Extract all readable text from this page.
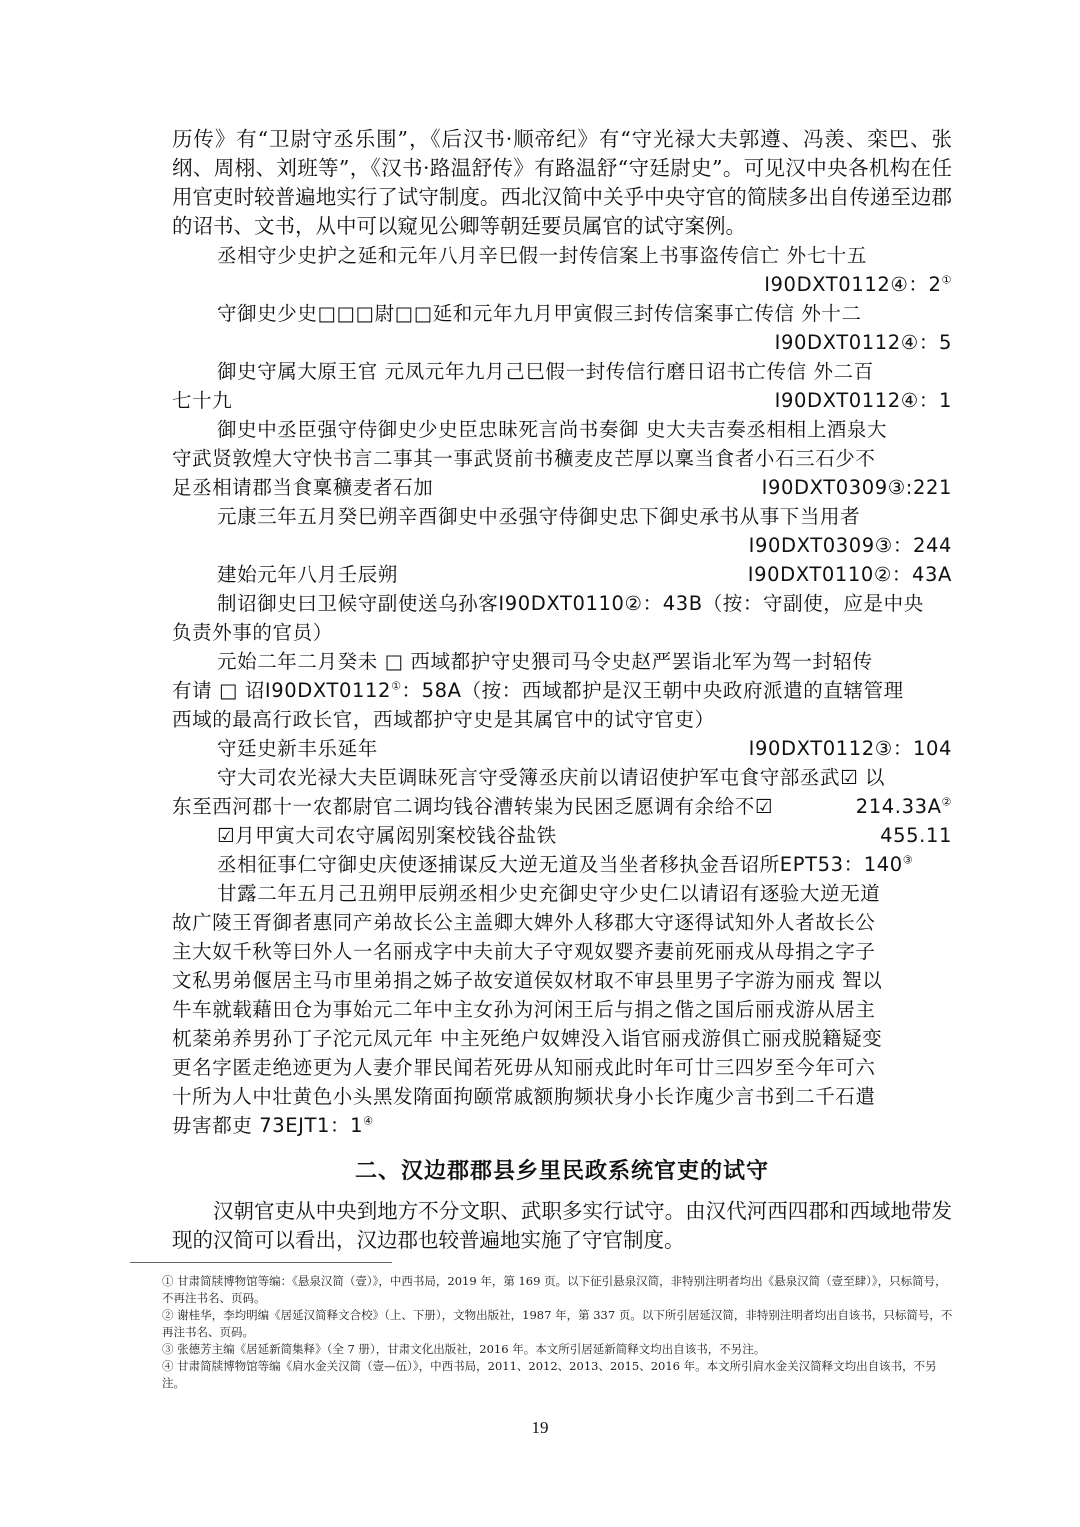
历传》有“卫尉守丞乐围”，《后汉书·顺帝纪》有“守光禄大夫郭遵、冯羡、栾巴、张纲、周栩、刘班等”，《汉书·路温舒传》有路温舒“守廷尉史”。可见汉中央各机构在任用官吏时较普遍地实行了试守制度。西北汉简中关乎中央守官的简牍多出自传递至边郡的诏书、文书，从中可以窥见公卿等朝廷要员属官的试守案例。

丞相守少史护之延和元年八月辛巳假一封传信案上书事盗传信亡 外七十五
Ⅰ90DXT0112④：2①
守御史少史□□□尉□□延和元年九月甲寅假三封传信案事亡传信 外十二
Ⅰ90DXT0112④：5
御史守属大原王官 元凤元年九月己巳假一封传信行磨日诏书亡传信 外二百
七十九	Ⅰ90DXT0112④：1
御史中丞臣强守侍御史少史臣忠昧死言尚书奏御 史大夫吉奏丞相相上酒泉大
守武贤敦煌大守快书言二事其一事武贤前书穬麦皮芒厚以稟当食者小石三石少不
足丞相请郡当食稟穬麦者石加	Ⅰ90DXT0309③:221
元康三年五月癸巳朔辛酉御史中丞强守侍御史忠下御史承书从事下当用者
Ⅰ90DXT0309③：244
建始元年八月壬辰朔	Ⅰ90DXT0110②：43A
制诏御史曰卫候守副使送乌孙客Ⅰ90DXT0110②：43B（按：守副使，应是中央
负责外事的官员）
元始二年二月癸未 □ 西域都护守史猥司马令史赵严罢诣北军为驾一封轺传
有请 □ 诏Ⅰ90DXT0112①：58A（按：西域都护是汉王朝中央政府派遣的直辖管理
西域的最高行政长官，西域都护守史是其属官中的试守官吏）
守廷史新丰乐延年	Ⅰ90DXT0112③：104
守大司农光禄大夫臣调昧死言守受簿丞庆前以请诏使护军屯食守部丞武☑ 以
东至西河郡十一农都尉官二调均钱谷漕转粜为民困乏愿调有余给不☑	214.33A②
☑月甲寅大司农守属闳别案校钱谷盐铁	455.11
丞相征事仁守御史庆使逐捕谋反大逆无道及当坐者移执金吾诏所EPT53：140③
甘露二年五月己丑朔甲辰朔丞相少史充御史守少史仁以请诏有逐验大逆无道
故广陵王胥御者惠同产弟故长公主盖卿大婢外人移郡大守逐得试知外人者故长公
主大奴千秋等曰外人一名丽戎字中夫前大子守观奴婴齐妻前死丽戎从母捐之字子
文私男弟偃居主马市里弟捐之姊子故安道侯奴材取不审县里男子字游为丽戎 聟以
牛车就载藉田仓为事始元二年中主女孙为河闲王后与捐之偕之国后丽戎游从居主
杌棻弟养男孙丁子沱元凤元年 中主死绝户奴婢没入诣官丽戎游俱亡丽戎脱籍疑变
更名字匿走绝迹更为人妻介罪民闻若死毋从知丽戎此时年可廿三四岁至今年可六
十所为人中壮黄色小头黑发隋面拘颐常戚额朐频状身小长诈廆少言书到二千石遣
毋害都吏 73EJT1：1④
二、汉边郡郡县乡里民政系统官吏的试守

汉朝官吏从中央到地方不分文职、武职多实行试守。由汉代河西四郡和西域地带发现的汉简可以看出，汉边郡也较普遍地实施了守官制度。

① 甘肃简牍博物馆等编：《悬泉汉简（壹）》，中西书局，2019 年，第 169 页。以下征引悬泉汉简，非特别注明者均出《悬泉汉简（壹至肆）》，只标简号，不再注书名、页码。

② 谢桂华，李均明编《居延汉简释文合校》（上、下册），文物出版社，1987 年，第 337 页。以下所引居延汉简，非特别注明者均出自该书，只标简号，不再注书名、页码。

③ 张德芳主编《居延新简集释》（全 7 册），甘肃文化出版社，2016 年。本文所引居延新简释文均出自该书，不另注。

④ 甘肃简牍博物馆等编《肩水金关汉简（壹—伍）》，中西书局，2011、2012、2013、2015、2016 年。本文所引肩水金关汉简释文均出自该书，不另注。

19
